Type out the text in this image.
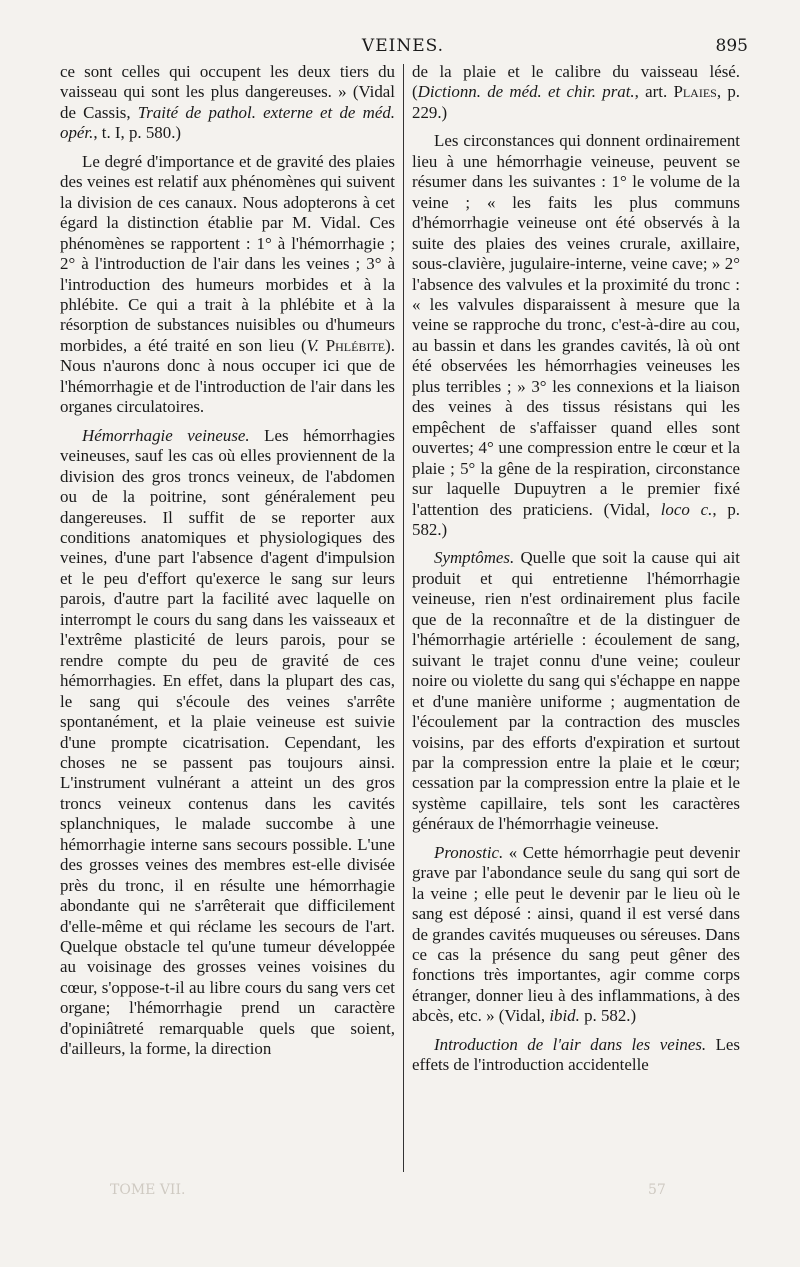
VEINES.	895

ce sont celles qui occupent les deux tiers du vaisseau qui sont les plus dangereuses. » (Vidal de Cassis, Traité de pathol. externe et de méd. opér., t. I, p. 580.)

Le degré d'importance et de gravité des plaies des veines est relatif aux phénomènes qui suivent la division de ces canaux. Nous adopterons à cet égard la distinction établie par M. Vidal. Ces phénomènes se rapportent : 1° à l'hémorrhagie ; 2° à l'introduction de l'air dans les veines ; 3° à l'introduction des humeurs morbides et à la phlébite. Ce qui a trait à la phlébite et à la résorption de substances nuisibles ou d'humeurs morbides, a été traité en son lieu (V. Phlébite). Nous n'aurons donc à nous occuper ici que de l'hémorrhagie et de l'introduction de l'air dans les organes circulatoires.

Hémorrhagie veineuse. Les hémorrhagies veineuses, sauf les cas où elles proviennent de la division des gros troncs veineux, de l'abdomen ou de la poitrine, sont généralement peu dangereuses. Il suffit de se reporter aux conditions anatomiques et physiologiques des veines, d'une part l'absence d'agent d'impulsion et le peu d'effort qu'exerce le sang sur leurs parois, d'autre part la facilité avec laquelle on interrompt le cours du sang dans les vaisseaux et l'extrême plasticité de leurs parois, pour se rendre compte du peu de gravité de ces hémorrhagies. En effet, dans la plupart des cas, le sang qui s'écoule des veines s'arrête spontanément, et la plaie veineuse est suivie d'une prompte cicatrisation. Cependant, les choses ne se passent pas toujours ainsi. L'instrument vulnérant a atteint un des gros troncs veineux contenus dans les cavités splanchniques, le malade succombe à une hémorrhagie interne sans secours possible. L'une des grosses veines des membres est-elle divisée près du tronc, il en résulte une hémorrhagie abondante qui ne s'arrêterait que difficilement d'elle-même et qui réclame les secours de l'art. Quelque obstacle tel qu'une tumeur développée au voisinage des grosses veines voisines du cœur, s'oppose-t-il au libre cours du sang vers cet organe; l'hémorrhagie prend un caractère d'opiniâtreté remarquable quels que soient, d'ailleurs, la forme, la direction

de la plaie et le calibre du vaisseau lésé. (Dictionn. de méd. et chir. prat., art. Plaies, p. 229.)

Les circonstances qui donnent ordinairement lieu à une hémorrhagie veineuse, peuvent se résumer dans les suivantes : 1° le volume de la veine ; « les faits les plus communs d'hémorrhagie veineuse ont été observés à la suite des plaies des veines crurale, axillaire, sous-clavière, jugulaire-interne, veine cave; » 2° l'absence des valvules et la proximité du tronc : « les valvules disparaissent à mesure que la veine se rapproche du tronc, c'est-à-dire au cou, au bassin et dans les grandes cavités, là où ont été observées les hémorrhagies veineuses les plus terribles ; » 3° les connexions et la liaison des veines à des tissus résistans qui les empêchent de s'affaisser quand elles sont ouvertes; 4° une compression entre le cœur et la plaie ; 5° la gêne de la respiration, circonstance sur laquelle Dupuytren a le premier fixé l'attention des praticiens. (Vidal, loco c., p. 582.)

Symptômes. Quelle que soit la cause qui ait produit et qui entretienne l'hémorrhagie veineuse, rien n'est ordinairement plus facile que de la reconnaître et de la distinguer de l'hémorrhagie artérielle : écoulement de sang, suivant le trajet connu d'une veine; couleur noire ou violette du sang qui s'échappe en nappe et d'une manière uniforme ; augmentation de l'écoulement par la contraction des muscles voisins, par des efforts d'expiration et surtout par la compression entre la plaie et le cœur; cessation par la compression entre la plaie et le système capillaire, tels sont les caractères généraux de l'hémorrhagie veineuse.

Pronostic. « Cette hémorrhagie peut devenir grave par l'abondance seule du sang qui sort de la veine ; elle peut le devenir par le lieu où le sang est déposé : ainsi, quand il est versé dans de grandes cavités muqueuses ou séreuses. Dans ce cas la présence du sang peut gêner des fonctions très importantes, agir comme corps étranger, donner lieu à des inflammations, à des abcès, etc. » (Vidal, ibid. p. 582.)

Introduction de l'air dans les veines. Les effets de l'introduction accidentelle

TOME VII.	57
